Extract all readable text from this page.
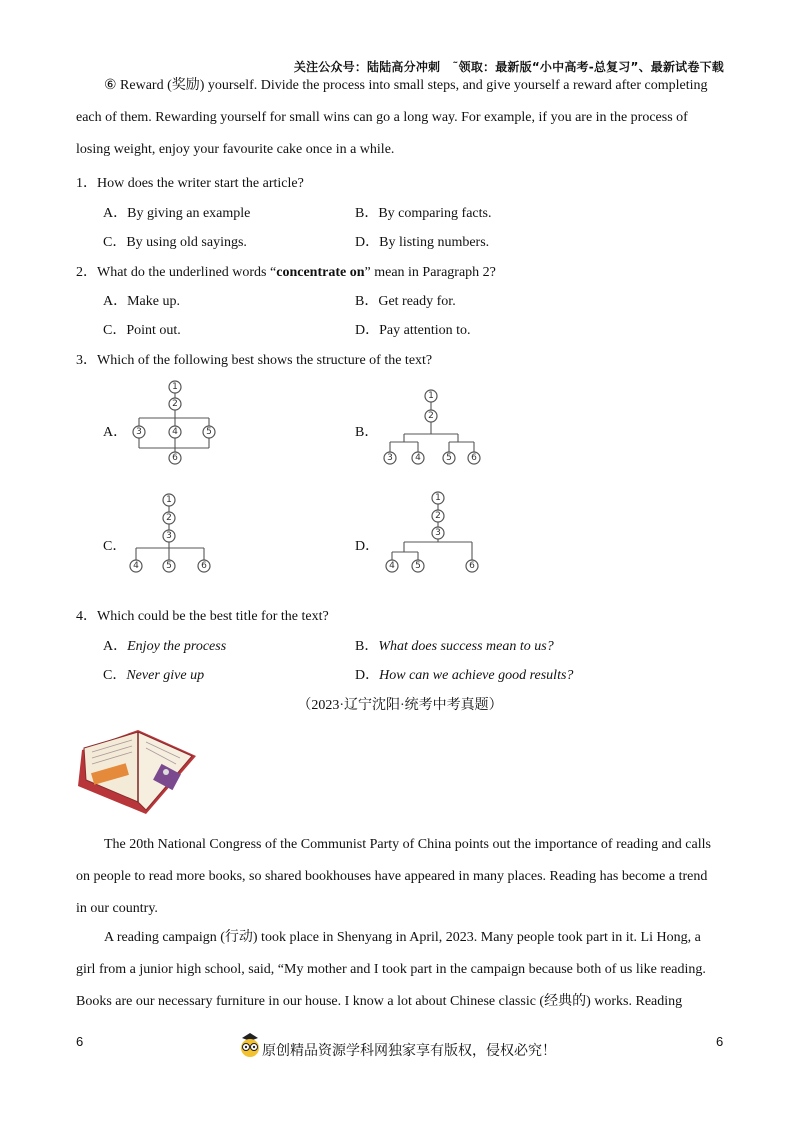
关注公众号：陆陆高分冲刺　˜领取：最新版“小中高考-总复习”、最新试卷下载
⑥ Reward (奖励) yourself. Divide the process into small steps, and give yourself a reward after completing
each of them. Rewarding yourself for small wins can go a long way. For example, if you are in the process of
losing weight, enjoy your favourite cake once in a while.
1．How does the writer start the article?
A．By giving an example	B．By comparing facts.
C．By using old sayings.	D．By listing numbers.
2．What do the underlined words “concentrate on” mean in Paragraph 2?
A．Make up.	B．Get ready for.
C．Point out.	D．Pay attention to.
3．Which of the following best shows the structure of the text?
A．
1
2
3	4	5
6
B．
1
2
3 4	5 6
C．
1
2
3
4	5	6
D．
1
2
3
4 5	6
4．Which could be the best title for the text?
A．Enjoy the process	B．What does success mean to us?
C．Never give up	D．How can we achieve good results?
（2023·辽宁沈阳·统考中考真题）
The 20th National Congress of the Communist Party of China points out the importance of reading and calls
on people to read more books, so shared bookhouses have appeared in many places. Reading has become a trend
in our country.
A reading campaign (行动) took place in Shenyang in April, 2023. Many people took part in it. Li Hong, a
girl from a junior high school, said, “My mother and I took part in the campaign because both of us like reading.
Books are our necessary furniture in our house. I know a lot about Chinese classic (经典的) works. Reading
6
原创精品资源学科网独家享有版权，侵权必究！
6
